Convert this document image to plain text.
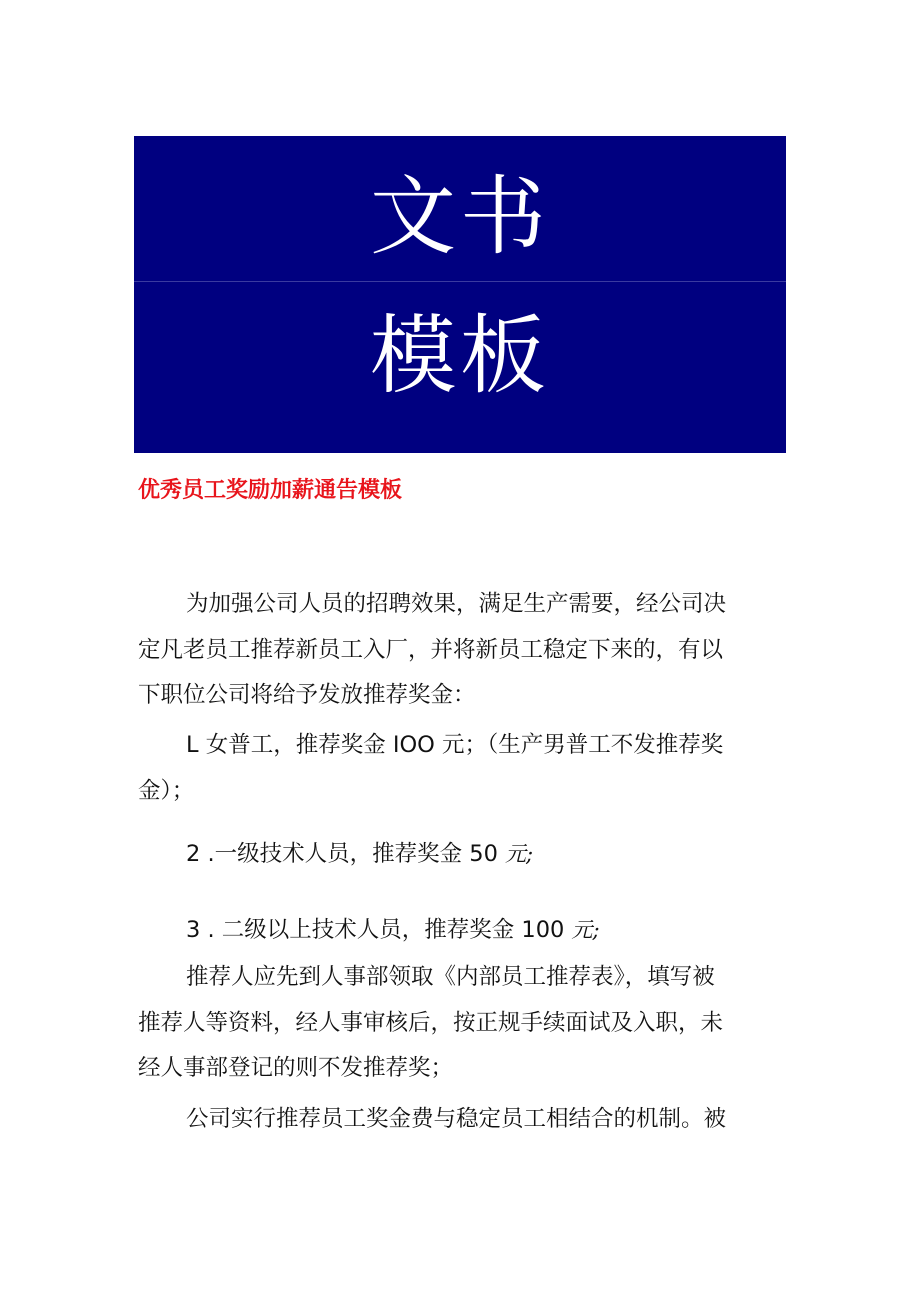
文书
模板
优秀员工奖励加薪通告模板
为加强公司人员的招聘效果，满足生产需要，经公司决
定凡老员工推荐新员工入厂，并将新员工稳定下来的，有以
下职位公司将给予发放推荐奖金：
L 女普工，推荐奖金 IOO 元；（生产男普工不发推荐奖
金）；
2 .一级技术人员，推荐奖金 50 元;
3 . 二级以上技术人员，推荐奖金 100 元;
推荐人应先到人事部领取《内部员工推荐表》，填写被
推荐人等资料，经人事审核后，按正规手续面试及入职，未
经人事部登记的则不发推荐奖；
公司实行推荐员工奖金费与稳定员工相结合的机制。被
